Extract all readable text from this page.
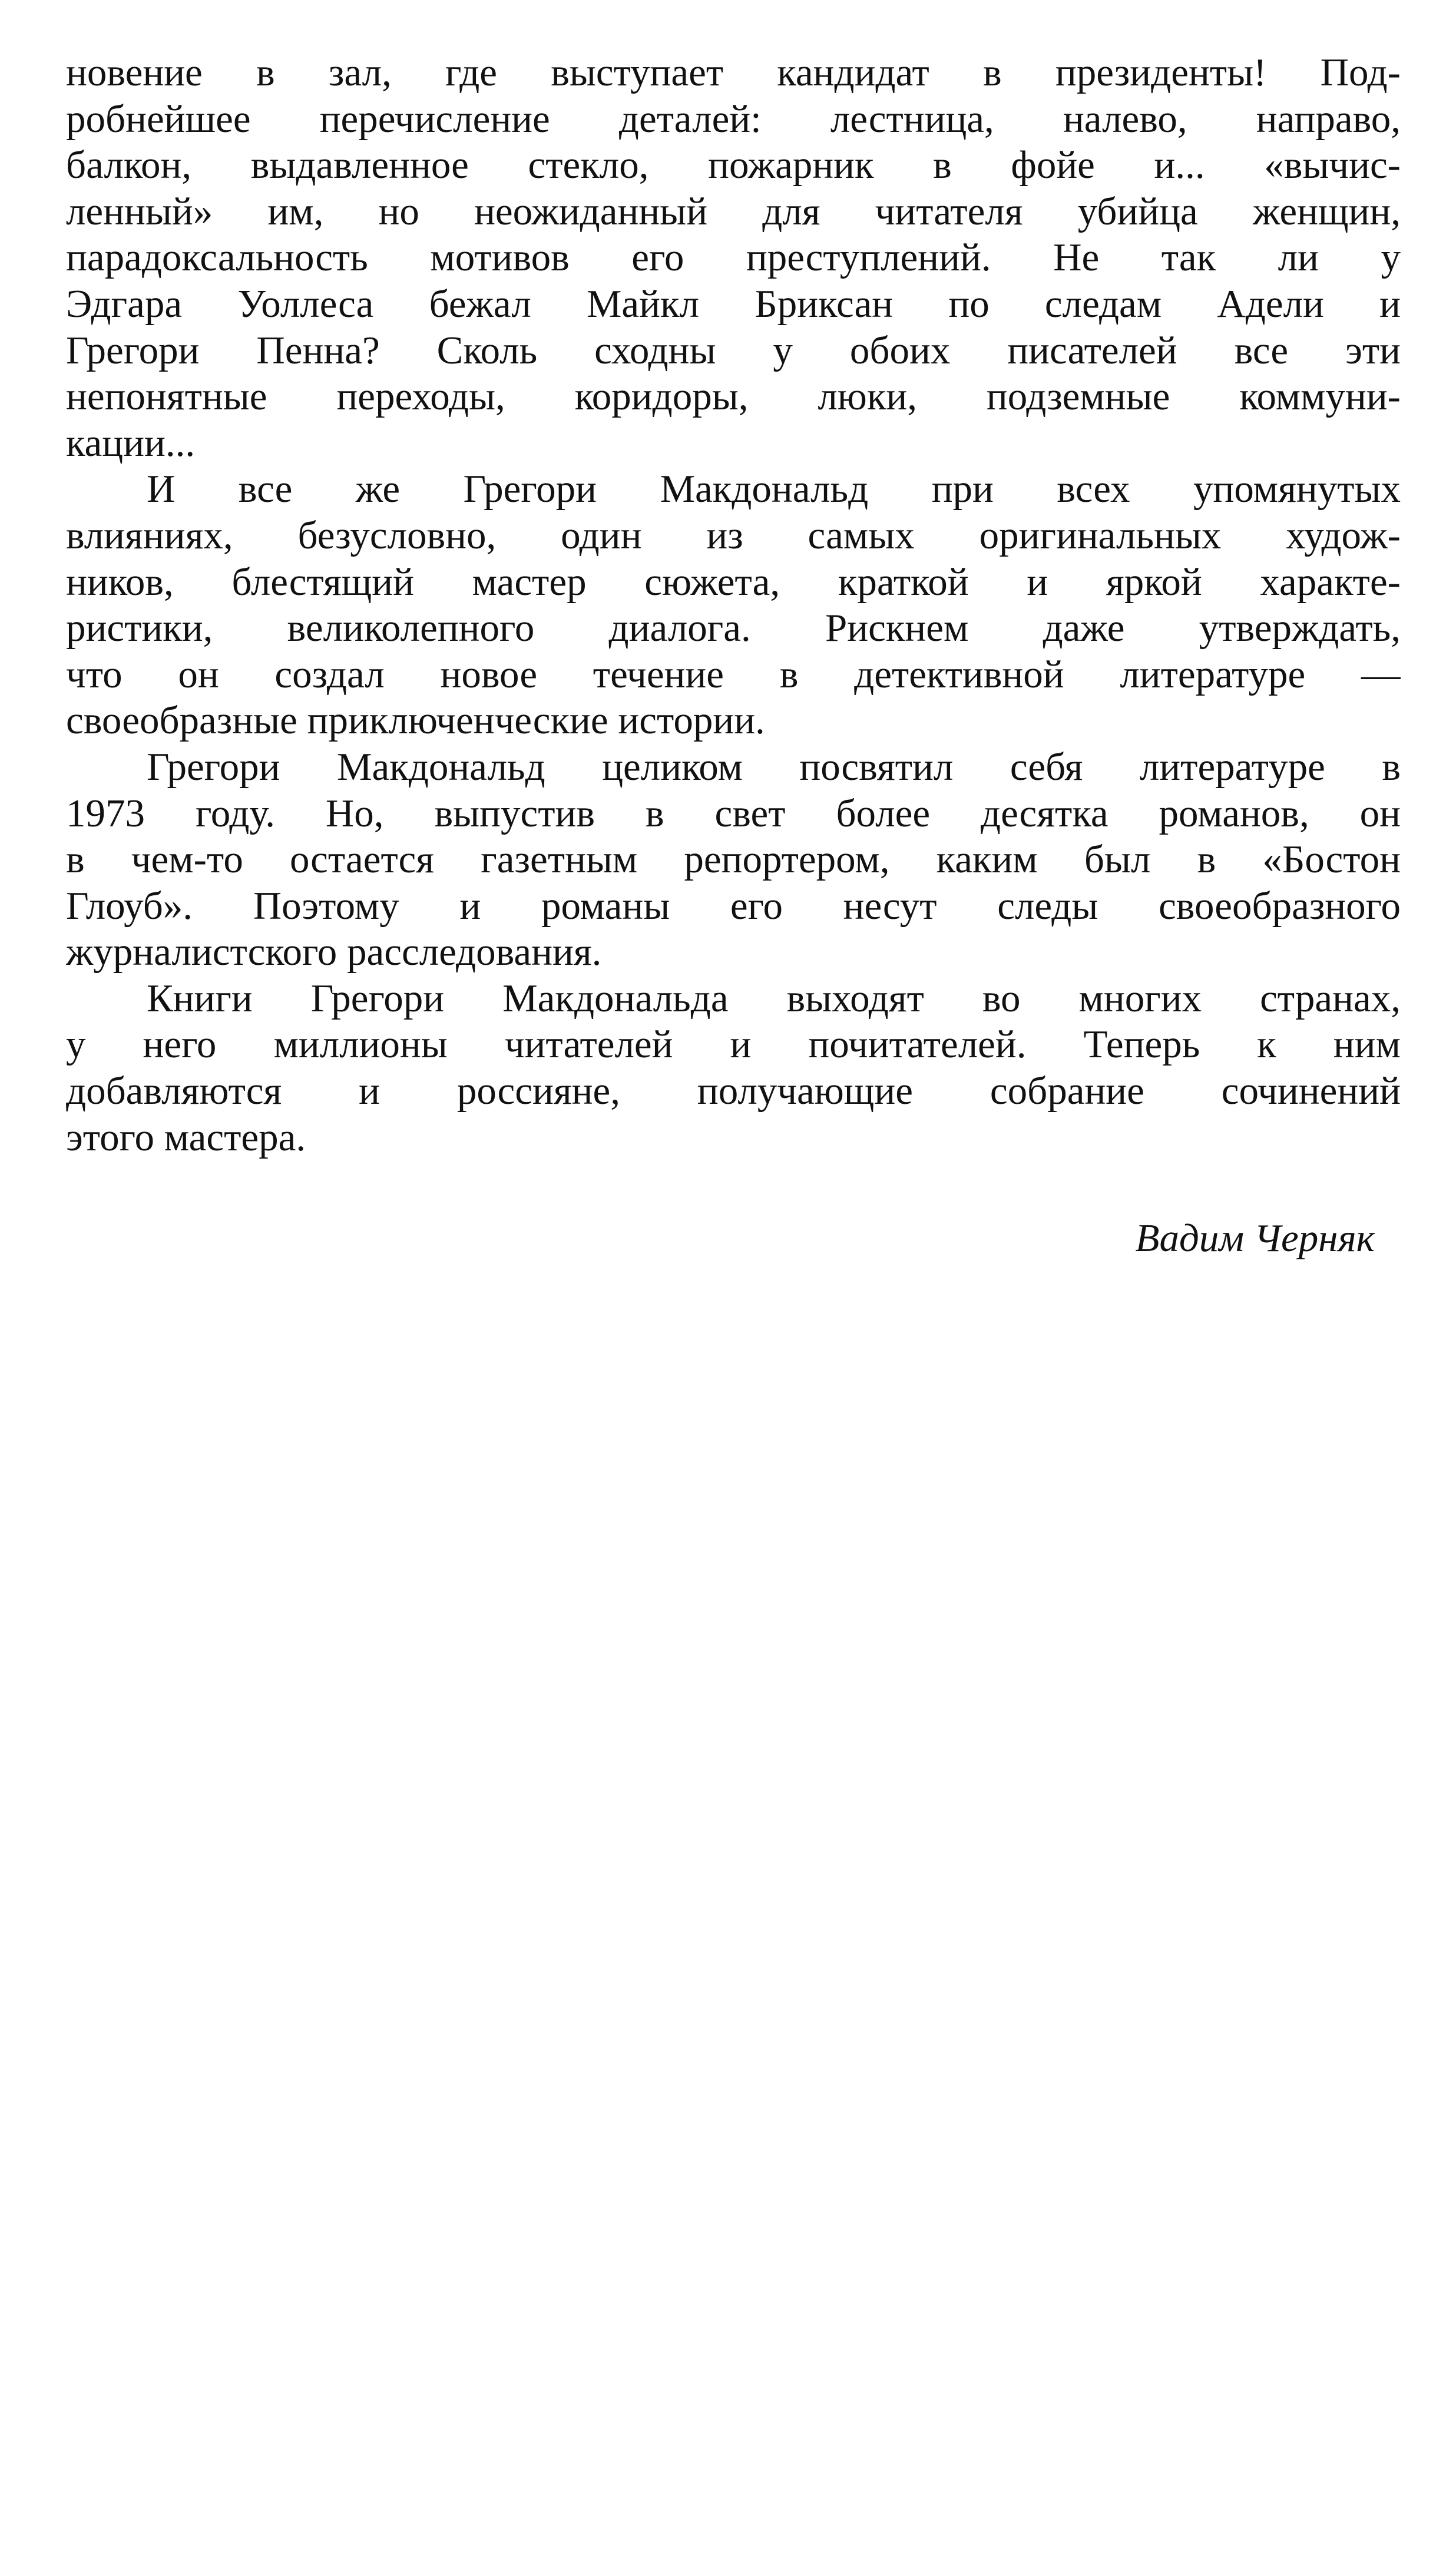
новение в зал, где выступает кандидат в президенты! Под-
робнейшее перечисление деталей: лестница, налево, направо,
балкон, выдавленное стекло, пожарник в фойе и... «вычис-
ленный» им, но неожиданный для читателя убийца женщин,
парадоксальность мотивов его преступлений. Не так ли у
Эдгара Уоллеса бежал Майкл Бриксан по следам Адели и
Грегори Пенна? Сколь сходны у обоих писателей все эти
непонятные переходы, коридоры, люки, подземные коммуни-
кации...
И все же Грегори Макдональд при всех упомянутых
влияниях, безусловно, один из самых оригинальных худож-
ников, блестящий мастер сюжета, краткой и яркой характе-
ристики, великолепного диалога. Рискнем даже утверждать,
что он создал новое течение в детективной литературе —
своеобразные приключенческие истории.
Грегори Макдональд целиком посвятил себя литературе в
1973 году. Но, выпустив в свет более десятка романов, он
в чем-то остается газетным репортером, каким был в «Бостон
Глоуб». Поэтому и романы его несут следы своеобразного
журналистского расследования.
Книги Грегори Макдональда выходят во многих странах,
у него миллионы читателей и почитателей. Теперь к ним
добавляются и россияне, получающие собрание сочинений
этого мастера.
Вадим Черняк
